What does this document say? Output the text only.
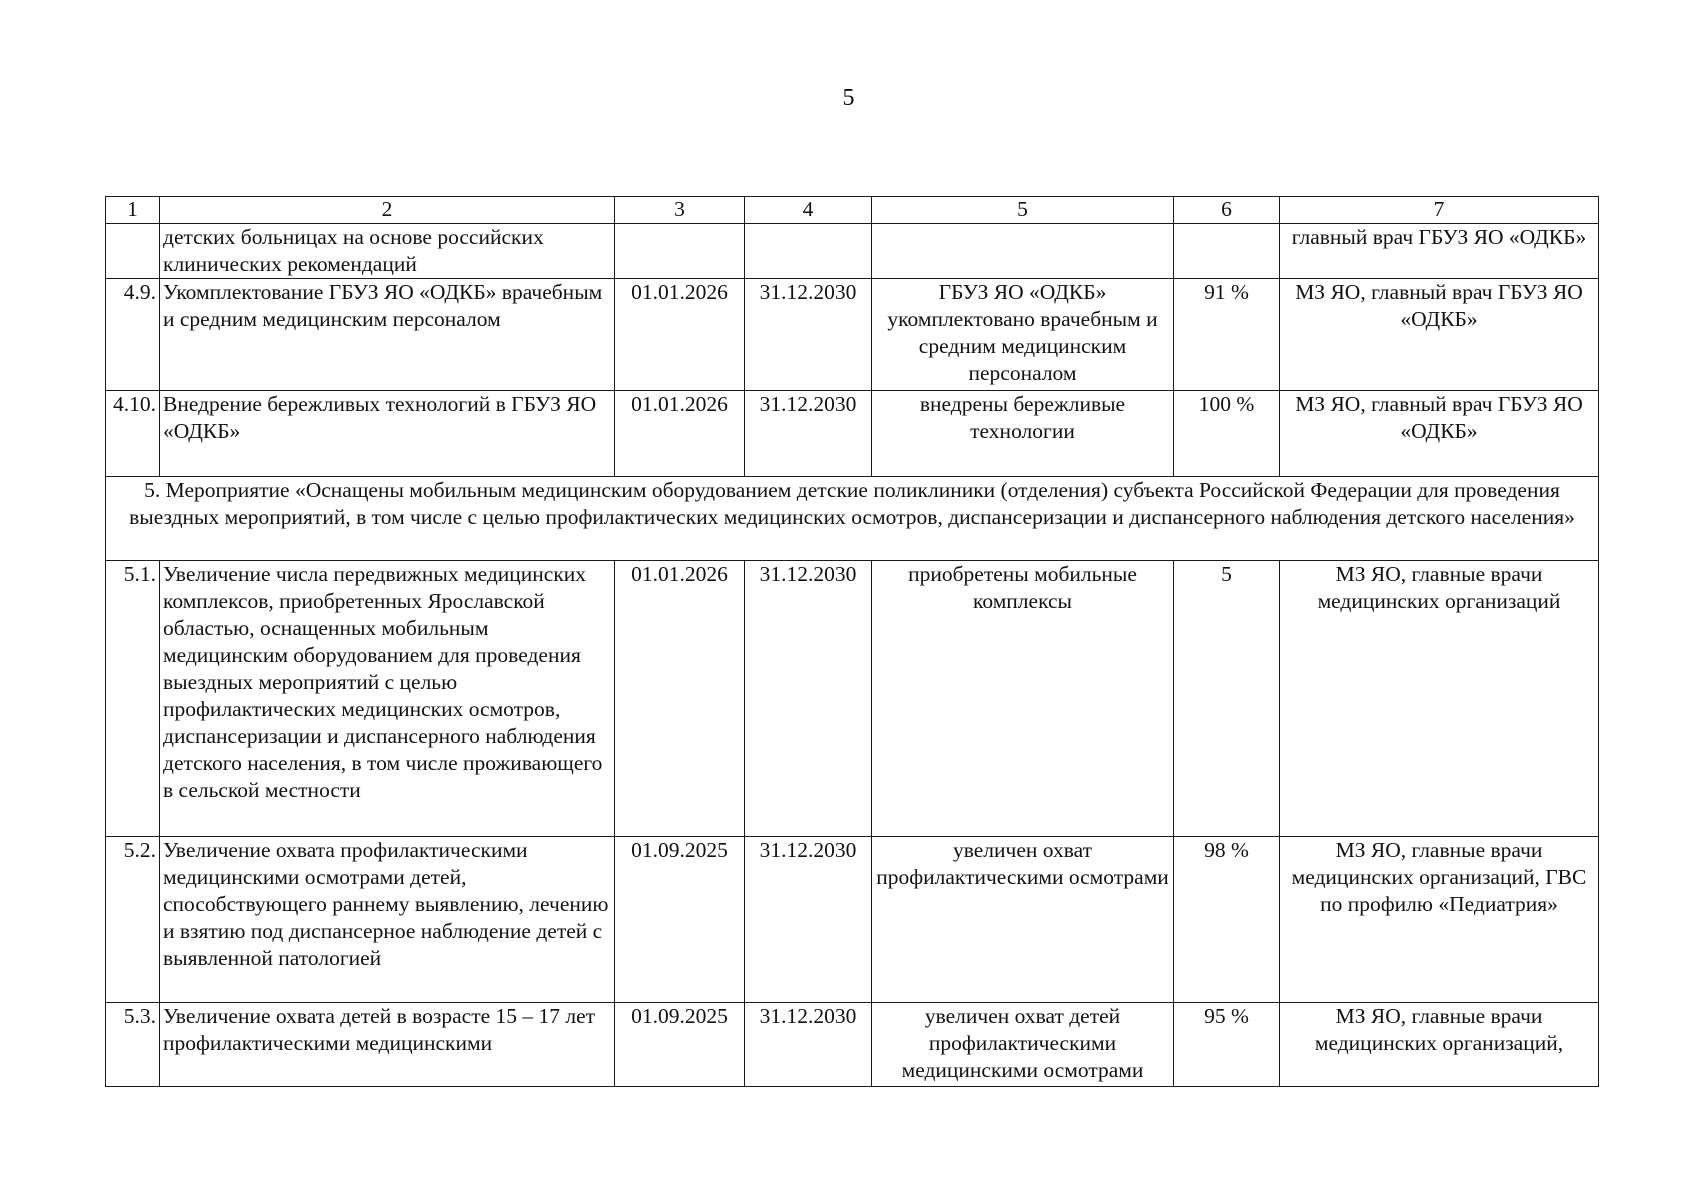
5
1	2	3	4	5	6	7
	детских больницах на основе российских клинических рекомендаций					главный врач ГБУЗ ЯО «ОДКБ»
4.9.	Укомплектование ГБУЗ ЯО «ОДКБ» врачебным и средним медицинским персоналом	01.01.2026	31.12.2030	ГБУЗ ЯО «ОДКБ» укомплектовано врачебным и средним медицинским персоналом	91 %	МЗ ЯО, главный врач ГБУЗ ЯО «ОДКБ»
4.10.	Внедрение бережливых технологий в ГБУЗ ЯО «ОДКБ»	01.01.2026	31.12.2030	внедрены бережливые технологии	100 %	МЗ ЯО, главный врач ГБУЗ ЯО «ОДКБ»
5. Мероприятие «Оснащены мобильным медицинским оборудованием детские поликлиники (отделения) субъекта Российской Федерации для проведения выездных мероприятий, в том числе с целью профилактических медицинских осмотров, диспансеризации и диспансерного наблюдения детского населения»						
5.1.	Увеличение числа передвижных медицинских комплексов, приобретенных Ярославской областью, оснащенных мобильным медицинским оборудованием для проведения выездных мероприятий с целью профилактических медицинских осмотров, диспансеризации и диспансерного наблюдения детского населения, в том числе проживающего в сельской местности	01.01.2026	31.12.2030	приобретены мобильные комплексы	5	МЗ ЯО, главные врачи медицинских организаций
5.2.	Увеличение охвата профилактическими медицинскими осмотрами детей, способствующего раннему выявлению, лечению и взятию под диспансерное наблюдение детей с выявленной патологией	01.09.2025	31.12.2030	увеличен охват профилактическими осмотрами	98 %	МЗ ЯО, главные врачи медицинских организаций, ГВС по профилю «Педиатрия»
5.3.	Увеличение охвата детей в возрасте 15 – 17 лет профилактическими медицинскими	01.09.2025	31.12.2030	увеличен охват детей профилактическими медицинскими осмотрами	95 %	МЗ ЯО, главные врачи медицинских организаций,
